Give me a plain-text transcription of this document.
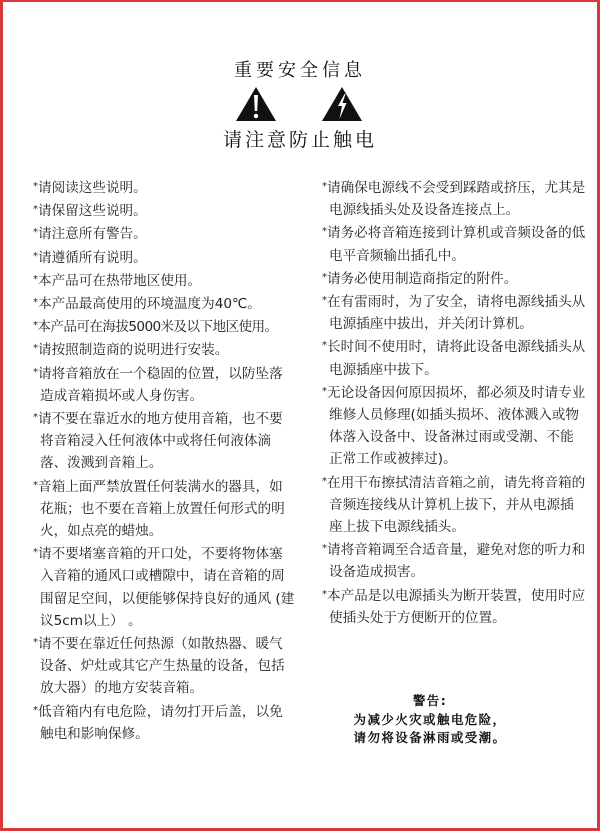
重要安全信息
请注意防止触电

*请阅读这些说明。

*请保留这些说明。

*请注意所有警告。

*请遵循所有说明。

*本产品可在热带地区使用。

*本产品最高使用的环境温度为40℃。

*本产品可在海拔5000米及以下地区使用。

*请按照制造商的说明进行安装。

*请将音箱放在一个稳固的位置，以防坠落造成音箱损坏或人身伤害。

*请不要在靠近水的地方使用音箱，也不要将音箱浸入任何液体中或将任何液体滴落、泼溅到音箱上。

*音箱上面严禁放置任何装满水的器具，如花瓶；也不要在音箱上放置任何形式的明火，如点亮的蜡烛。

*请不要堵塞音箱的开口处，不要将物体塞入音箱的通风口或槽隙中，请在音箱的周围留足空间，以便能够保持良好的通风 (建议5cm以上） 。

*请不要在靠近任何热源（如散热器、暖气设备、炉灶或其它产生热量的设备，包括放大器）的地方安装音箱。

*低音箱内有电危险，请勿打开后盖，以免触电和影响保修。

*请确保电源线不会受到踩踏或挤压，尤其是电源线插头处及设备连接点上。

*请务必将音箱连接到计算机或音频设备的低电平音频输出插孔中。

*请务必使用制造商指定的附件。

*在有雷雨时，为了安全，请将电源线插头从电源插座中拔出，并关闭计算机。

*长时间不使用时，请将此设备电源线插头从电源插座中拔下。

*无论设备因何原因损坏，都必须及时请专业维修人员修理(如插头损坏、液体溅入或物体落入设备中、设备淋过雨或受潮、不能正常工作或被摔过)。

*在用干布擦拭清洁音箱之前，请先将音箱的音频连接线从计算机上拔下，并从电源插座上拔下电源线插头。

*请将音箱调至合适音量，避免对您的听力和设备造成损害。

*本产品是以电源插头为断开装置，使用时应使插头处于方便断开的位置。

警告:
为减少火灾或触电危险，
请勿将设备淋雨或受潮。
